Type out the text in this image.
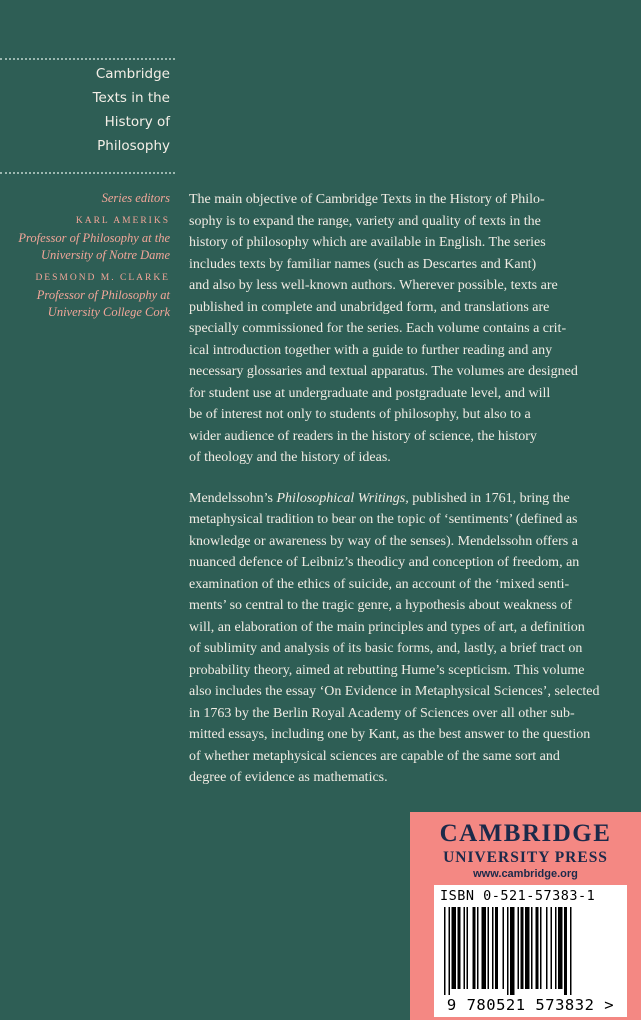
Cambridge
Texts in the
History of
Philosophy
Series editors
KARL AMERIKS
Professor of Philosophy at the
University of Notre Dame
DESMOND M. CLARKE
Professor of Philosophy at
University College Cork

The main objective of Cambridge Texts in the History of Philo-
sophy is to expand the range, variety and quality of texts in the
history of philosophy which are available in English. The series
includes texts by familiar names (such as Descartes and Kant)
and also by less well-known authors. Wherever possible, texts are
published in complete and unabridged form, and translations are
specially commissioned for the series. Each volume contains a crit-
ical introduction together with a guide to further reading and any
necessary glossaries and textual apparatus. The volumes are designed
for student use at undergraduate and postgraduate level, and will
be of interest not only to students of philosophy, but also to a
wider audience of readers in the history of science, the history
of theology and the history of ideas.

Mendelssohn’s Philosophical Writings, published in 1761, bring the
metaphysical tradition to bear on the topic of ‘sentiments’ (defined as
knowledge or awareness by way of the senses). Mendelssohn offers a
nuanced defence of Leibniz’s theodicy and conception of freedom, an
examination of the ethics of suicide, an account of the ‘mixed senti-
ments’ so central to the tragic genre, a hypothesis about weakness of
will, an elaboration of the main principles and types of art, a definition
of sublimity and analysis of its basic forms, and, lastly, a brief tract on
probability theory, aimed at rebutting Hume’s scepticism. This volume
also includes the essay ‘On Evidence in Metaphysical Sciences’, selected
in 1763 by the Berlin Royal Academy of Sciences over all other sub-
mitted essays, including one by Kant, as the best answer to the question
of whether metaphysical sciences are capable of the same sort and
degree of evidence as mathematics.

CAMBRIDGE
UNIVERSITY PRESS
www.cambridge.org
ISBN 0-521-57383-1
9 780521 573832 >
